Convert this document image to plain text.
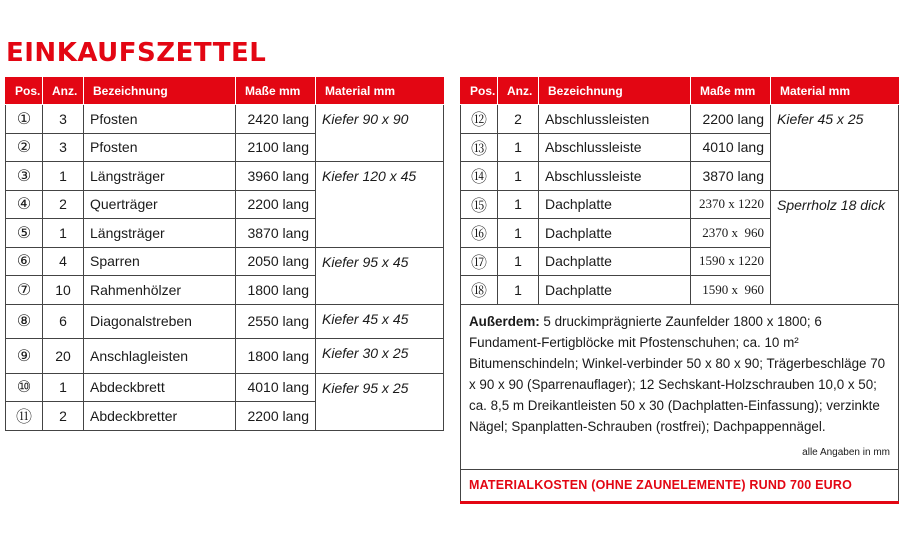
EINKAUFSZETTEL
Pos.	Anz.	Bezeichnung	Maße mm	Material mm
①	3	Pfosten	2420 lang	Kiefer 90 x 90
②	3	Pfosten	2100 lang	
③	1	Längsträger	3960 lang	Kiefer 120 x 45
④	2	Querträger	2200 lang	
⑤	1	Längsträger	3870 lang	
⑥	4	Sparren	2050 lang	Kiefer 95 x 45
⑦	10	Rahmenhölzer	1800 lang	
⑧	6	Diagonalstreben	2550 lang	Kiefer 45 x 45
⑨	20	Anschlagleisten	1800 lang	Kiefer 30 x 25
⑩	1	Abdeckbrett	4010 lang	Kiefer 95 x 25
⑪	2	Abdeckbretter	2200 lang	
Pos.	Anz.	Bezeichnung	Maße mm	Material mm
⑫	2	Abschlussleisten	2200 lang	Kiefer 45 x 25
⑬	1	Abschlussleiste	4010 lang	
⑭	1	Abschlussleiste	3870 lang	
⑮	1	Dachplatte	2370 x 1220	Sperrholz 18 dick
⑯	1	Dachplatte	2370 x  960	
⑰	1	Dachplatte	1590 x 1220	
⑱	1	Dachplatte	1590 x  960	
Außerdem: 5 druckimprägnierte Zaunfelder 1800 x 1800; 6 Fundament-Fertigblöcke mit Pfostenschuhen; ca. 10 m² Bitumenschindeln; Winkel-verbinder 50 x 80 x 90; Trägerbeschläge 70 x 90 x 90 (Sparrenauflager); 12 Sechskant-Holzschrauben 10,0 x 50; ca. 8,5 m Dreikantleisten 50 x 30 (Dachplatten-Einfassung); verzinkte Nägel; Spanplatten-Schrauben (rostfrei); Dachpappennägel.
alle Angaben in mm				

MATERIALKOSTEN (OHNE ZAUNELEMENTE) RUND 700 EURO				
